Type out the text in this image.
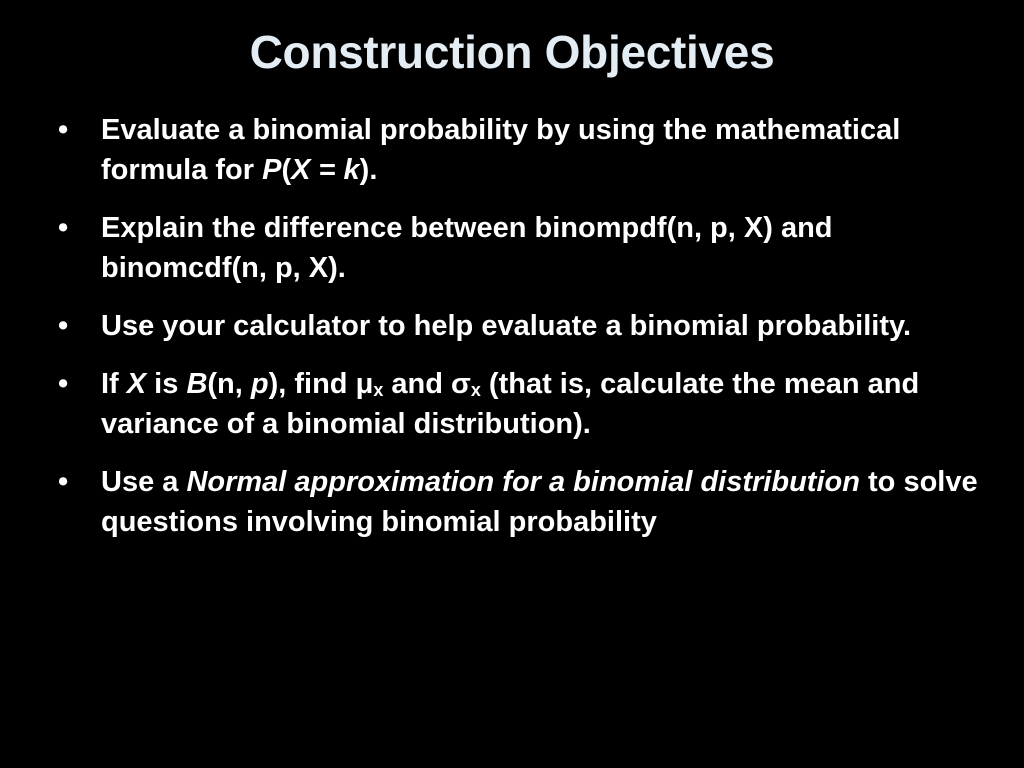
Construction Objectives
•	Evaluate a binomial probability by using the mathematical formula for P(X = k).
•	Explain the difference between binompdf(n, p, X) and binomcdf(n, p, X).
•	Use your calculator to help evaluate a binomial probability.
•	If X is B(n, p), find $\mu_x$ and $\sigma_x$ (that is, calculate the mean and variance of a binomial distribution).
•	Use a Normal approximation for a binomial distribution to solve questions involving binomial probability
